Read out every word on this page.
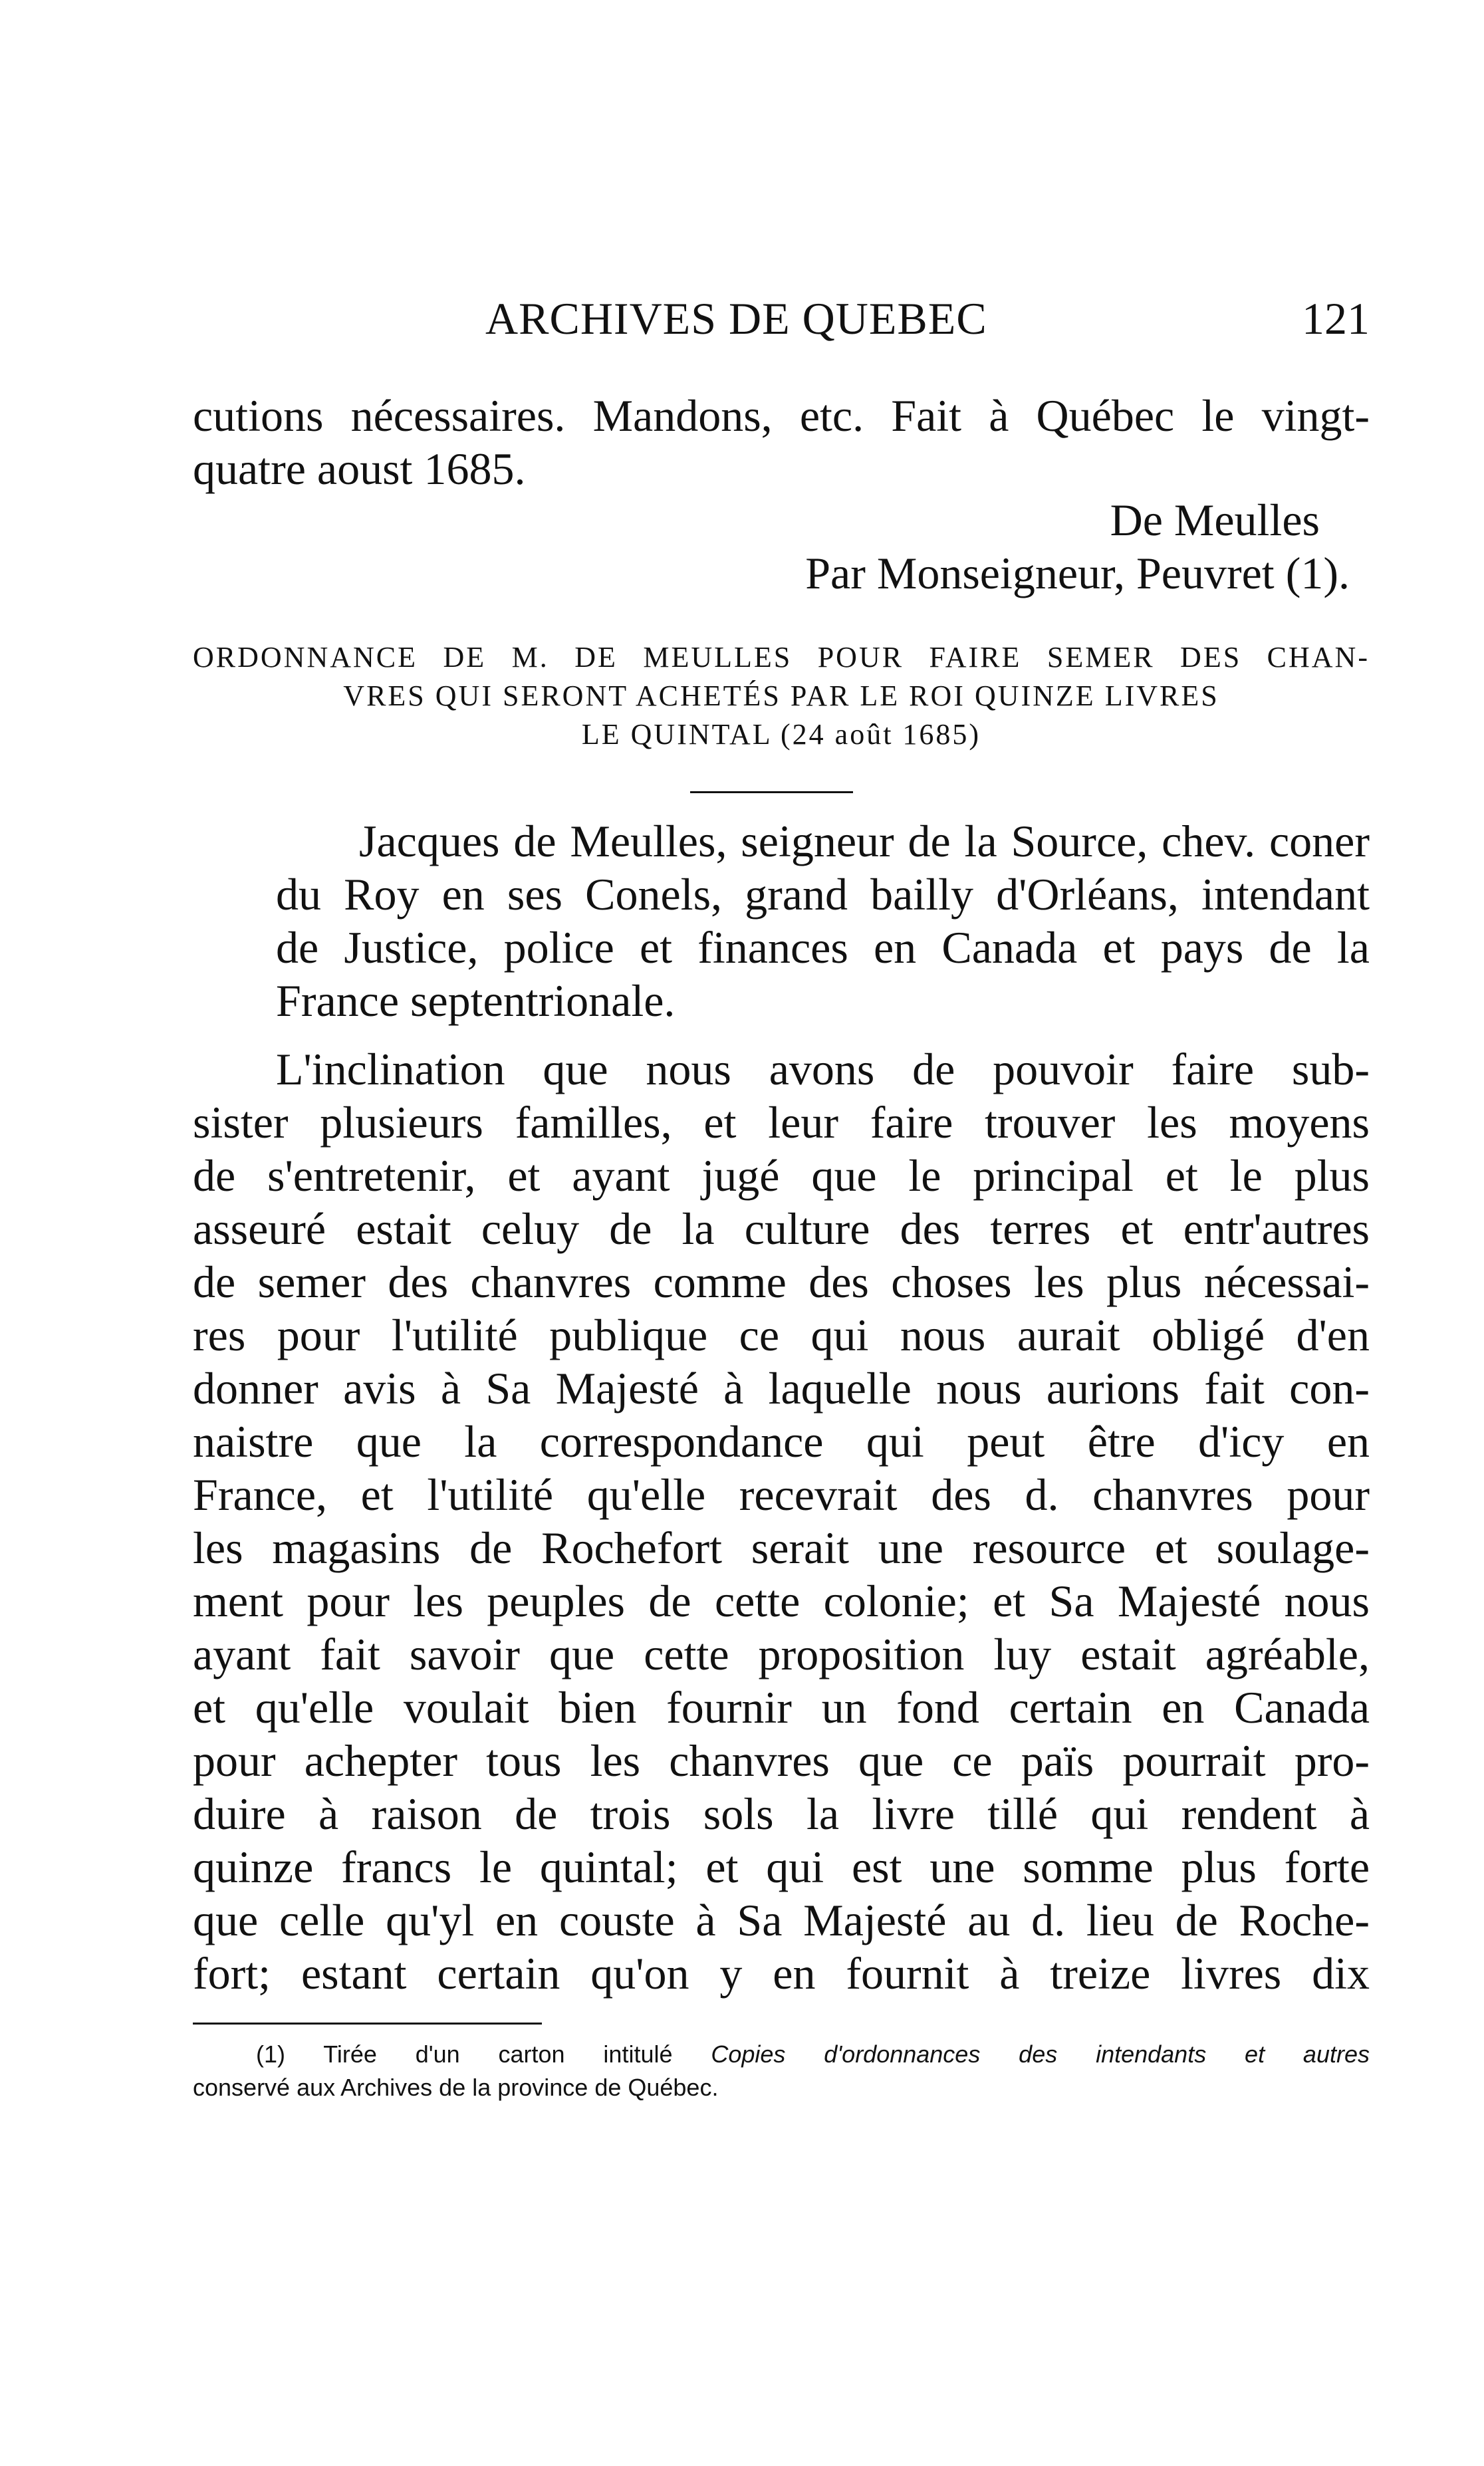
ARCHIVES DE QUEBEC	121
cutions nécessaires. Mandons, etc. Fait à Québec le vingt-
quatre aoust 1685.
De Meulles
Par Monseigneur, Peuvret (1).
ORDONNANCE DE M. DE MEULLES POUR FAIRE SEMER DES CHAN-
VRES QUI SERONT ACHETÉS PAR LE ROI QUINZE LIVRES
LE QUINTAL (24 août 1685)
Jacques de Meulles, seigneur de la Source, chev. coner
du Roy en ses Conels, grand bailly d'Orléans, intendant
de Justice, police et finances en Canada et pays de la
France septentrionale.
L'inclination que nous avons de pouvoir faire sub-
sister plusieurs familles, et leur faire trouver les moyens
de s'entretenir, et ayant jugé que le principal et le plus
asseuré estait celuy de la culture des terres et entr'autres
de semer des chanvres comme des choses les plus nécessai-
res pour l'utilité publique ce qui nous aurait obligé d'en
donner avis à Sa Majesté à laquelle nous aurions fait con-
naistre que la correspondance qui peut être d'icy en
France, et l'utilité qu'elle recevrait des d. chanvres pour
les magasins de Rochefort serait une resource et soulage-
ment pour les peuples de cette colonie; et Sa Majesté nous
ayant fait savoir que cette proposition luy estait agréable,
et qu'elle voulait bien fournir un fond certain en Canada
pour achepter tous les chanvres que ce païs pourrait pro-
duire à raison de trois sols la livre tillé qui rendent à
quinze francs le quintal; et qui est une somme plus forte
que celle qu'yl en couste à Sa Majesté au d. lieu de Roche-
fort; estant certain qu'on y en fournit à treize livres dix
(1) Tirée d'un carton intitulé Copies d'ordonnances des intendants et autres
conservé aux Archives de la province de Québec.
